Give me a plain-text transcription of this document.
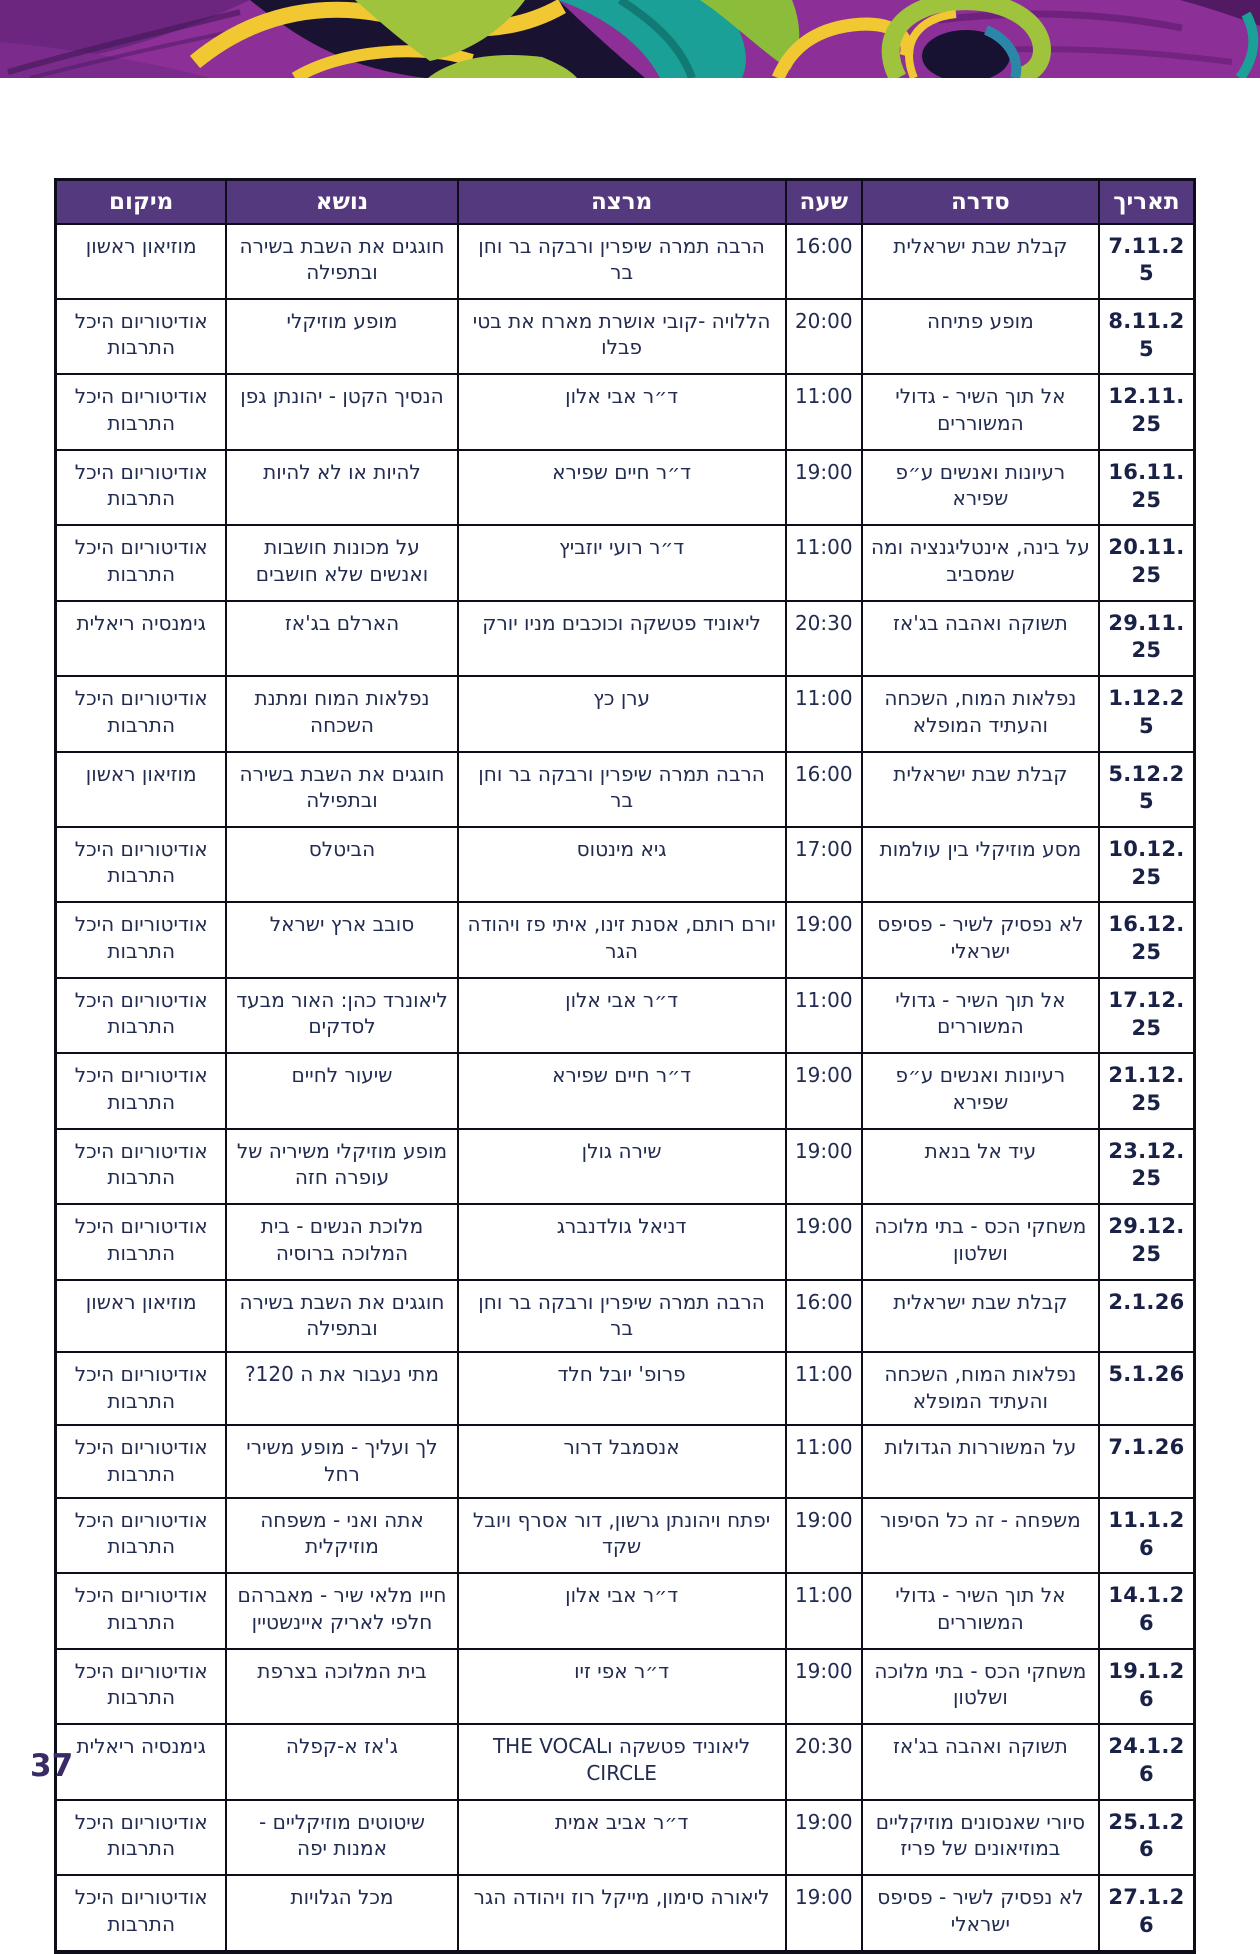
תאריך	סדרה	שעה	מרצה	נושא	מיקום
7.11.25	קבלת שבת ישראלית	16:00	הרבה תמרה שיפרין ורבקה בר וחן בר	חוגגים את השבת בשירה ובתפילה	מוזיאון ראשון
8.11.25	מופע פתיחה	20:00	הללויה -קובי אושרת מארח את בטי פבלו	מופע מוזיקלי	אודיטוריום היכל התרבות
12.11.25	אל תוך השיר - גדולי המשוררים	11:00	ד״ר אבי אלון	הנסיך הקטן - יהונתן גפן	אודיטוריום היכל התרבות
16.11.25	רעיונות ואנשים ע״פ שפירא	19:00	ד״ר חיים שפירא	להיות או לא להיות	אודיטוריום היכל התרבות
20.11.25	על בינה, אינטליגנציה ומה שמסביב	11:00	ד״ר רועי יוזביץ	על מכונות חושבות ואנשים שלא חושבים	אודיטוריום היכל התרבות
29.11.25	תשוקה ואהבה בג'אז	20:30	ליאוניד פטשקה וכוכבים מניו יורק	הארלם בג'אז	גימנסיה ריאלית
1.12.25	נפלאות המוח, השכחה והעתיד המופלא	11:00	ערן כץ	נפלאות המוח ומתנת השכחה	אודיטוריום היכל התרבות
5.12.25	קבלת שבת ישראלית	16:00	הרבה תמרה שיפרין ורבקה בר וחן בר	חוגגים את השבת בשירה ובתפילה	מוזיאון ראשון
10.12.25	מסע מוזיקלי בין עולמות	17:00	גיא מינטוס	הביטלס	אודיטוריום היכל התרבות
16.12.25	לא נפסיק לשיר - פסיפס ישראלי	19:00	יורם רותם, אסנת זינו, איתי פז ויהודה הגר	סובב ארץ ישראל	אודיטוריום היכל התרבות
17.12.25	אל תוך השיר - גדולי המשוררים	11:00	ד״ר אבי אלון	ליאונרד כהן: האור מבעד לסדקים	אודיטוריום היכל התרבות
21.12.25	רעיונות ואנשים ע״פ שפירא	19:00	ד״ר חיים שפירא	שיעור לחיים	אודיטוריום היכל התרבות
23.12.25	עיד אל בנאת	19:00	שירה גולן	מופע מוזיקלי משיריה של עופרה חזה	אודיטוריום היכל התרבות
29.12.25	משחקי הכס - בתי מלוכה ושלטון	19:00	דניאל גולדנברג	מלוכת הנשים - בית המלוכה ברוסיה	אודיטוריום היכל התרבות
2.1.26	קבלת שבת ישראלית	16:00	הרבה תמרה שיפרין ורבקה בר וחן בר	חוגגים את השבת בשירה ובתפילה	מוזיאון ראשון
5.1.26	נפלאות המוח, השכחה והעתיד המופלא	11:00	פרופ' יובל חלד	מתי נעבור את ה 120?	אודיטוריום היכל התרבות
7.1.26	על המשוררות הגדולות	11:00	אנסמבל דרור	לך ועליך - מופע משירי רחל	אודיטוריום היכל התרבות
11.1.26	משפחה - זה כל הסיפור	19:00	יפתח ויהונתן גרשון, דור אסרף ויובל שקד	אתה ואני - משפחה מוזיקלית	אודיטוריום היכל התרבות
14.1.26	אל תוך השיר - גדולי המשוררים	11:00	ד״ר אבי אלון	חייו מלאי שיר - מאברהם חלפי לאריק איינשטיין	אודיטוריום היכל התרבות
19.1.26	משחקי הכס - בתי מלוכה ושלטון	19:00	ד״ר אפי זיו	בית המלוכה בצרפת	אודיטוריום היכל התרבות
24.1.26	תשוקה ואהבה בג'אז	20:30	ליאוניד פטשקה וTHE VOCAL CIRCLE	ג'אז א-קפלה	גימנסיה ריאלית
25.1.26	סיורי שאנסונים מוזיקליים במוזיאונים של פריז	19:00	ד״ר אביב אמית	שיטוטים מוזיקליים - אמנות יפה	אודיטוריום היכל התרבות
27.1.26	לא נפסיק לשיר - פסיפס ישראלי	19:00	ליאורה סימון, מייקל רוז ויהודה הגר	מכל הגלויות	אודיטוריום היכל התרבות
37
